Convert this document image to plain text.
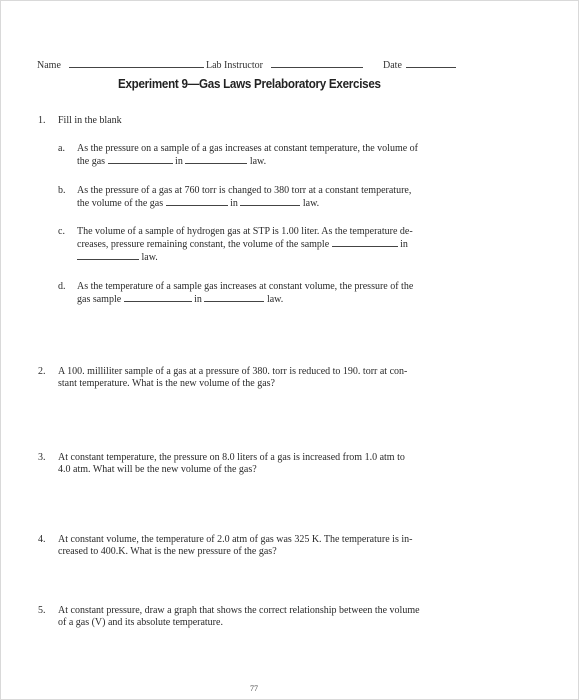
Name	Lab Instructor	Date
Experiment 9—Gas Laws Prelaboratory Exercises
1. Fill in the blank
a. As the pressure on a sample of a gas increases at constant temperature, the volume of
the gas	in	law.
b. As the pressure of a gas at 760 torr is changed to 380 torr at a constant temperature,
the volume of the gas	in	law.
c. The volume of a sample of hydrogen gas at STP is 1.00 liter. As the temperature de-
creases, pressure remaining constant, the volume of the sample	in
law.
d. As the temperature of a sample gas increases at constant volume, the pressure of the
gas sample	in	law.
2. A 100. milliliter sample of a gas at a pressure of 380. torr is reduced to 190. torr at con-
stant temperature. What is the new volume of the gas?
3. At constant temperature, the pressure on 8.0 liters of a gas is increased from 1.0 atm to
4.0 atm. What will be the new volume of the gas?
4. At constant volume, the temperature of 2.0 atm of gas was 325 K. The temperature is in-
creased to 400.K. What is the new pressure of the gas?
5. At constant pressure, draw a graph that shows the correct relationship between the volume
of a gas (V) and its absolute temperature.
77
